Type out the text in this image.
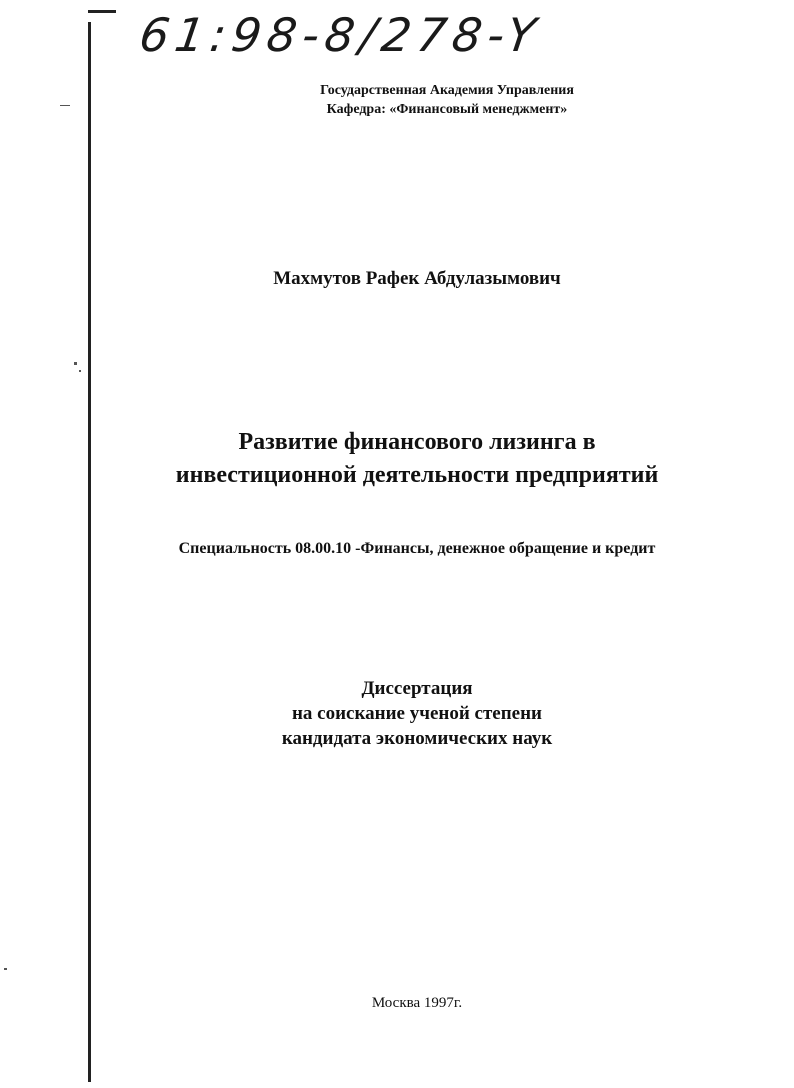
61:98-8/278-Y
Государственная Академия Управления
Кафедра: «Финансовый менеджмент»
Махмутов Рафек Абдулазымович
Развитие финансового лизинга в
инвестиционной деятельности предприятий
Специальность 08.00.10 -Финансы, денежное обращение и кредит
Диссертация
на соискание ученой степени
кандидата экономических наук
Москва 1997г.
